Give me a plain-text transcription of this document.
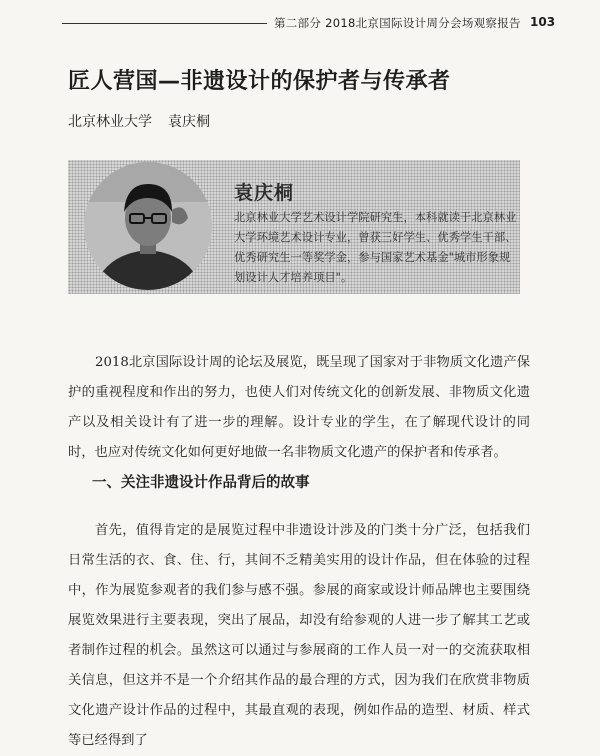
第二部分 2018北京国际设计周分会场观察报告 103
匠人营国—非遗设计的保护者与传承者
北京林业大学 袁庆桐
袁庆桐
北京林业大学艺术设计学院研究生，本科就读于北京林业大学环境艺术设计专业，曾获三好学生、优秀学生干部、优秀研究生一等奖学金，参与国家艺术基金"城市形象规划设计人才培养项目"。

2018北京国际设计周的论坛及展览，既呈现了国家对于非物质文化遗产保护的重视程度和作出的努力，也使人们对传统文化的创新发展、非物质文化遗产以及相关设计有了进一步的理解。设计专业的学生，在了解现代设计的同时，也应对传统文化如何更好地做一名非物质文化遗产的保护者和传承者。

一、关注非遗设计作品背后的故事

首先，值得肯定的是展览过程中非遗设计涉及的门类十分广泛，包括我们日常生活的衣、食、住、行，其间不乏精美实用的设计作品，但在体验的过程中，作为展览参观者的我们参与感不强。参展的商家或设计师品牌也主要围绕展览效果进行主要表现，突出了展品，却没有给参观的人进一步了解其工艺或者制作过程的机会。虽然这可以通过与参展商的工作人员一对一的交流获取相关信息，但这并不是一个介绍其作品的最合理的方式，因为我们在欣赏非物质文化遗产设计作品的过程中，其最直观的表现，例如作品的造型、材质、样式等已经得到了
